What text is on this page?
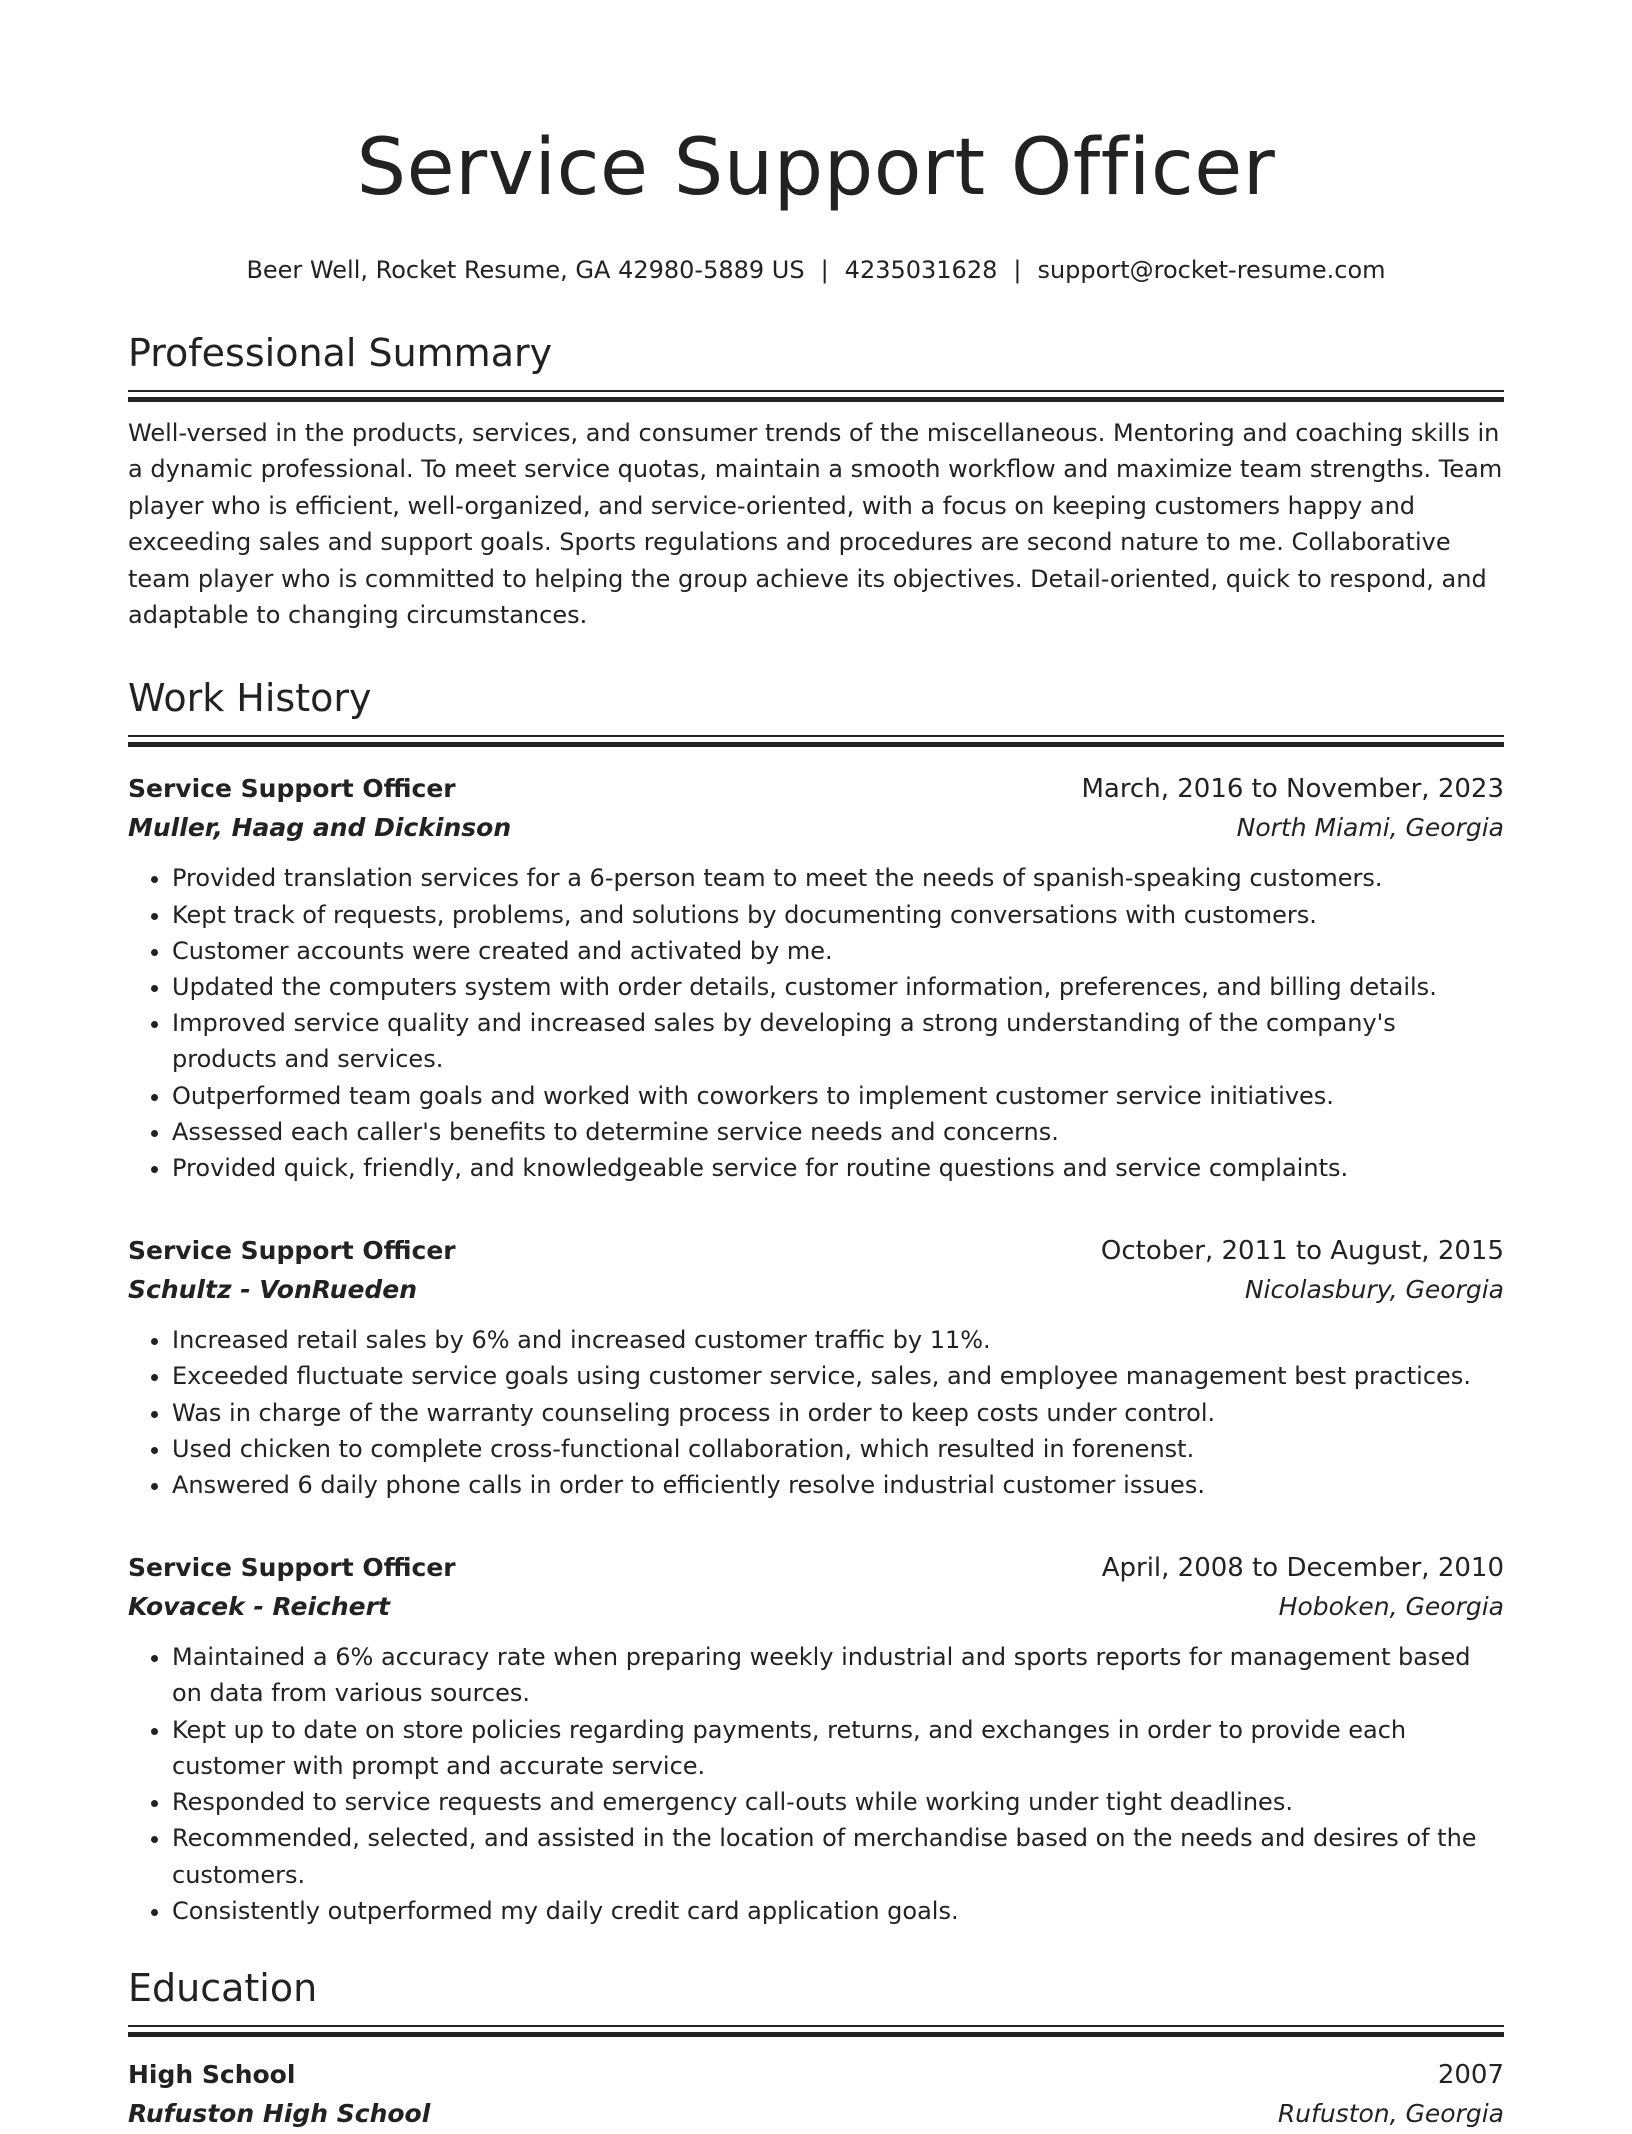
Service Support Officer
Beer Well, Rocket Resume, GA 42980-5889 US | 4235031628 | support@rocket-resume.com
Professional Summary

Well-versed in the products, services, and consumer trends of the miscellaneous. Mentoring and coaching skills in a dynamic professional. To meet service quotas, maintain a smooth workflow and maximize team strengths. Team player who is efficient, well-organized, and service-oriented, with a focus on keeping customers happy and exceeding sales and support goals. Sports regulations and procedures are second nature to me. Collaborative team player who is committed to helping the group achieve its objectives. Detail-oriented, quick to respond, and adaptable to changing circumstances.

Work History
Service Support Officer	March, 2016 to November, 2023
Muller, Haag and Dickinson	North Miami, Georgia
• Provided translation services for a 6-person team to meet the needs of spanish-speaking customers.
• Kept track of requests, problems, and solutions by documenting conversations with customers.
• Customer accounts were created and activated by me.
• Updated the computers system with order details, customer information, preferences, and billing details.
• Improved service quality and increased sales by developing a strong understanding of the company's products and services.
• Outperformed team goals and worked with coworkers to implement customer service initiatives.
• Assessed each caller's benefits to determine service needs and concerns.
• Provided quick, friendly, and knowledgeable service for routine questions and service complaints.
Service Support Officer	October, 2011 to August, 2015
Schultz - VonRueden	Nicolasbury, Georgia
• Increased retail sales by 6% and increased customer traffic by 11%.
• Exceeded fluctuate service goals using customer service, sales, and employee management best practices.
• Was in charge of the warranty counseling process in order to keep costs under control.
• Used chicken to complete cross-functional collaboration, which resulted in forenenst.
• Answered 6 daily phone calls in order to efficiently resolve industrial customer issues.
Service Support Officer	April, 2008 to December, 2010
Kovacek - Reichert	Hoboken, Georgia
• Maintained a 6% accuracy rate when preparing weekly industrial and sports reports for management based on data from various sources.
• Kept up to date on store policies regarding payments, returns, and exchanges in order to provide each customer with prompt and accurate service.
• Responded to service requests and emergency call-outs while working under tight deadlines.
• Recommended, selected, and assisted in the location of merchandise based on the needs and desires of the customers.
• Consistently outperformed my daily credit card application goals.
Education
High School	2007
Rufuston High School	Rufuston, Georgia
